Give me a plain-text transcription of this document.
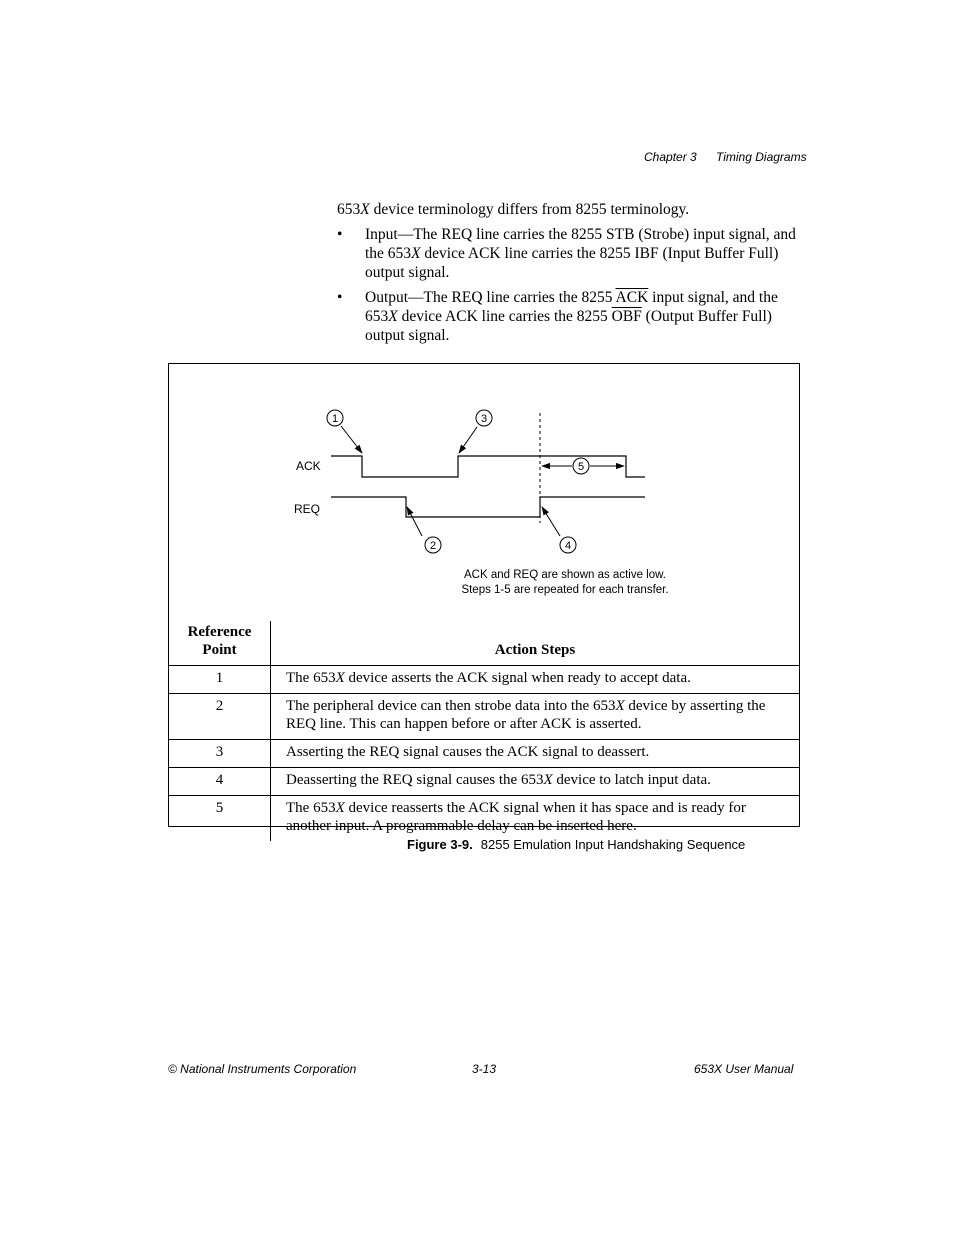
Chapter 3 Timing Diagrams

653X device terminology differs from 8255 terminology.

• Input—The REQ line carries the 8255 STB (Strobe) input signal, and the 653X device ACK line carries the 8255 IBF (Input Buffer Full) output signal.
• Output—The REQ line carries the 8255 $\overline{ACK}$ input signal, and the 653X device ACK line carries the 8255 $\overline{OBF}$ (Output Buffer Full) output signal.
ACK
REQ
1
2
3
4
5
ACK and REQ are shown as active low.
Steps 1-5 are repeated for each transfer.
Reference
Point	Action Steps
1	The 653X device asserts the ACK signal when ready to accept data.
2	The peripheral device can then strobe data into the 653X device by asserting the REQ line. This can happen before or after ACK is asserted.
3	Asserting the REQ signal causes the ACK signal to deassert.
4	Deasserting the REQ signal causes the 653X device to latch input data.
5	The 653X device reasserts the ACK signal when it has space and is ready for another input. A programmable delay can be inserted here.
Figure 3-9. 8255 Emulation Input Handshaking Sequence
© National Instruments Corporation	3-13	653X User Manual
